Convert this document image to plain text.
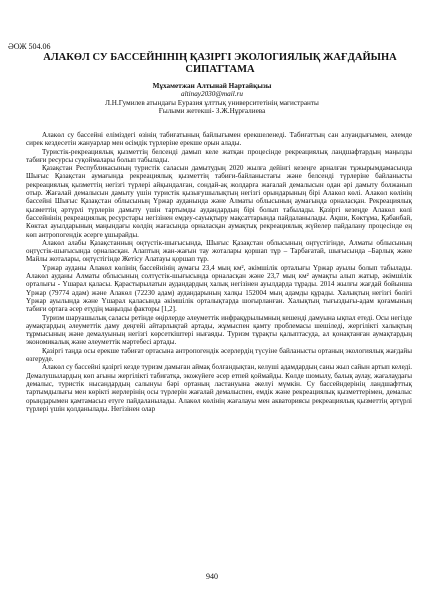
ӘОЖ 504.06
АЛАКӨЛ СУ БАССЕЙНІНІҢ ҚАЗІРГІ ЭКОЛОГИЯЛЫҚ ЖАҒДАЙЫНА СИПАТТАМА
Мұхаметжан Алтынай Нартайқызы
altinay2030@mail.ru
Л.Н.Гумилев атындағы Еуразия ұлттық университетінің магистранты
Ғылыми жетекші- З.Ж.Нұрғалиева

Алакөл су бассейні еліміздегі өзінің табиғатының байлығымен ерекшеленеді. Табиғаттың сан алуандығымен, әлемде сирек кездесетін жануарлар мен өсімдік түрлеріне ерекше орын алады.

Туристік-рекреациялық қызметтің белсенді дамып келе жатқан процесінде рекреациялық ландшафтардың маңызды табиғи ресурсы суқоймалары болып табылады.

Қазақстан Республикасының туристік саласын дамытудың 2020 жылға дейінгі кезеңге арналған тұжырымдамасында Шығыс Қазақстан аумағында рекреациялық қызметтің табиғи-байланыстағы және белсенді түрлеріне байланысты рекреациялық қызметтің негізгі түрлері айқындалған, сондай-ақ жолдарға жағалай демалысын одан әрі дамыту болжанып отыр. Жағалай демалысын дамыту үшін туристік қызығушылықтың негізгі орындарының бірі Алакөл көлі. Алакөл көлінің бассейні Шығыс Қазақстан облысының Үржар ауданында және Алматы облысының аумағында орналасқан. Рекреациялық қызметтің әртүрлі түрлерін дамыту үшін тартымды аудандардың бірі болып табылады. Қазіргі кезеңде Алакөл көлі бассейнінің рекреациялық ресурстары негізінен емдеу-сауықтыру мақсаттарында пайдаланылады. Ақши, Көктұма, Қабанбай, Көктал ауылдарының маңындағы көлдің жағасында орналасқан аумақтық рекреациялық жүйелер пайдалану процесінде ең көп антропогендік әсерге ұшырайды.

Алакөл алабы Қазақстанның оңтүстік-шығысында, Шығыс Қазақстан облысының оңтүстігінде, Алматы облысының оңтүстік-шығысында орналасқан. Алаптың жан-жағын тау жоталары қоршап тұр – Тарбағатай, шығысында –Барлық және Майлы жоталары, оңтүстігінде Жетісу Алатауы қоршап тұр.

Үржар ауданы Алакөл көлінің бассейнінің аумағы 23,4 мың км², әкімшілік орталығы Үржар ауылы болып табылады. Алакөл ауданы Алматы облысының солтүстік-шығысында орналасқан және 23,7 мың км² аумақты алып жатыр, әкімшілік орталығы - Үшарал қаласы. Қарастырылатын аудандардың халық негізінен ауылдарда тұрады. 2014 жылғы жағдай бойынша Үржар (79774 адам) және Алакөл (72230 адам) аудандарының халқы 152004 мың адамды құрады. Халықтың негізгі бөлігі Үржар ауылында және Үшарал қаласында әкімшілік орталықтарда шоғырланған. Халықтың тығыздығы-адам қоғамының табиғи ортаға әсер етудің маңызды факторы [1,2].

Туризм шаруашылық саласы ретінде өңірлерде әлеуметтік инфрақұрылымның кешенді дамуына ықпал етеді. Осы негізде аумақтардың әлеуметтік даму деңгейі айтарлықтай артады, жұмыспен қамту проблемасы шешіледі, жергілікті халықтың тұрмысының және демалуының негізгі көрсеткіштері нығаяды. Туризм тұрақты қалыптасуда, ал қонақтанған аумақтардың экономикалық және әлеуметтік мәртебесі артады.

Қазіргі таңда осы ерекше табиғат ортасына антропогендік әсерлердің түсуіне байланысты ортаның экологиялық жағдайы өзгеруде.

Алакөл су бассейні қазіргі кезде туризм дамыған аймақ болғандықтан, келуші адамдардың саны жыл сайын артып келеді. Демалушылардың көп ағыны жергілікті табиғатқа, экожүйеге әсер етпей қоймайды. Көлде шомылу, балық аулау, жағалаудағы демалыс, туристік нысандардың салынуы бәрі ортаның ластануына әкелуі мүмкін. Су бассейндерінің ландшафттық тартымдылығы мен көрікті жерлерінің осы түрлерін жағалай демалыспен, емдік және рекреациялық қызметтерімен, демалыс орындарымен қамтамасыз етуге пайдаланылады. Алакөл көлінің жағалауы мен акваториясы рекреациялық қызметтің әртүрлі түрлері үшін қолданылады. Негізінен олар

940
